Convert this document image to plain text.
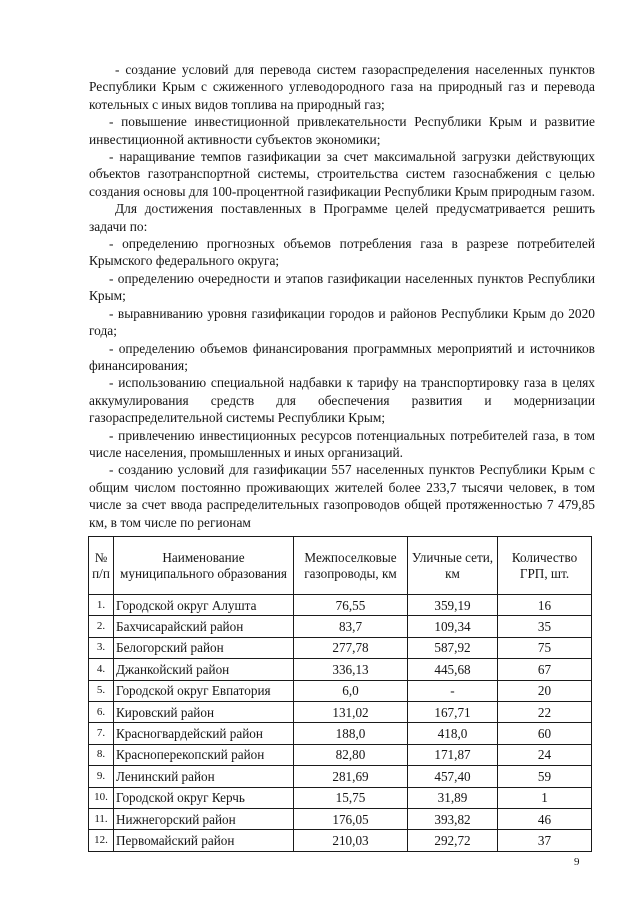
- создание условий для перевода систем газораспределения населенных пунктов Республики Крым с сжиженного углеводородного газа на природный газ и перевода котельных с иных видов топлива на природный газ;

- повышение инвестиционной привлекательности Республики Крым и развитие инвестиционной активности субъектов экономики;

- наращивание темпов газификации за счет максимальной загрузки действующих объектов газотранспортной системы, строительства систем газоснабжения с целью создания основы для 100-процентной газификации Республики Крым природным газом.

Для достижения поставленных в Программе целей предусматривается решить задачи по:

- определению прогнозных объемов потребления газа в разрезе потребителей Крымского федерального округа;

- определению очередности и этапов газификации населенных пунктов Республики Крым;

- выравниванию уровня газификации городов и районов Республики Крым до 2020 года;

- определению объемов финансирования программных мероприятий и источников финансирования;

- использованию специальной надбавки к тарифу на транспортировку газа в целях аккумулирования средств для обеспечения развития и модернизации газораспределительной системы Республики Крым;

- привлечению инвестиционных ресурсов потенциальных потребителей газа, в том числе населения, промышленных и иных организаций.

- созданию условий для газификации 557 населенных пунктов Республики Крым с общим числом постоянно проживающих жителей более 233,7 тысячи человек, в том числе за счет ввода распределительных газопроводов общей протяженностью 7 479,85 км, в том числе по регионам

№ п/п	Наименование муниципального образования	Межпоселковые газопроводы, км	Уличные сети, км	Количество ГРП, шт.
1.	Городской округ Алушта	76,55	359,19	16
2.	Бахчисарайский район	83,7	109,34	35
3.	Белогорский район	277,78	587,92	75
4.	Джанкойский район	336,13	445,68	67
5.	Городской округ Евпатория	6,0	-	20
6.	Кировский район	131,02	167,71	22
7.	Красногвардейский район	188,0	418,0	60
8.	Красноперекопский район	82,80	171,87	24
9.	Ленинский район	281,69	457,40	59
10.	Городской округ Керчь	15,75	31,89	1
11.	Нижнегорский район	176,05	393,82	46
12.	Первомайский район	210,03	292,72	37
9
